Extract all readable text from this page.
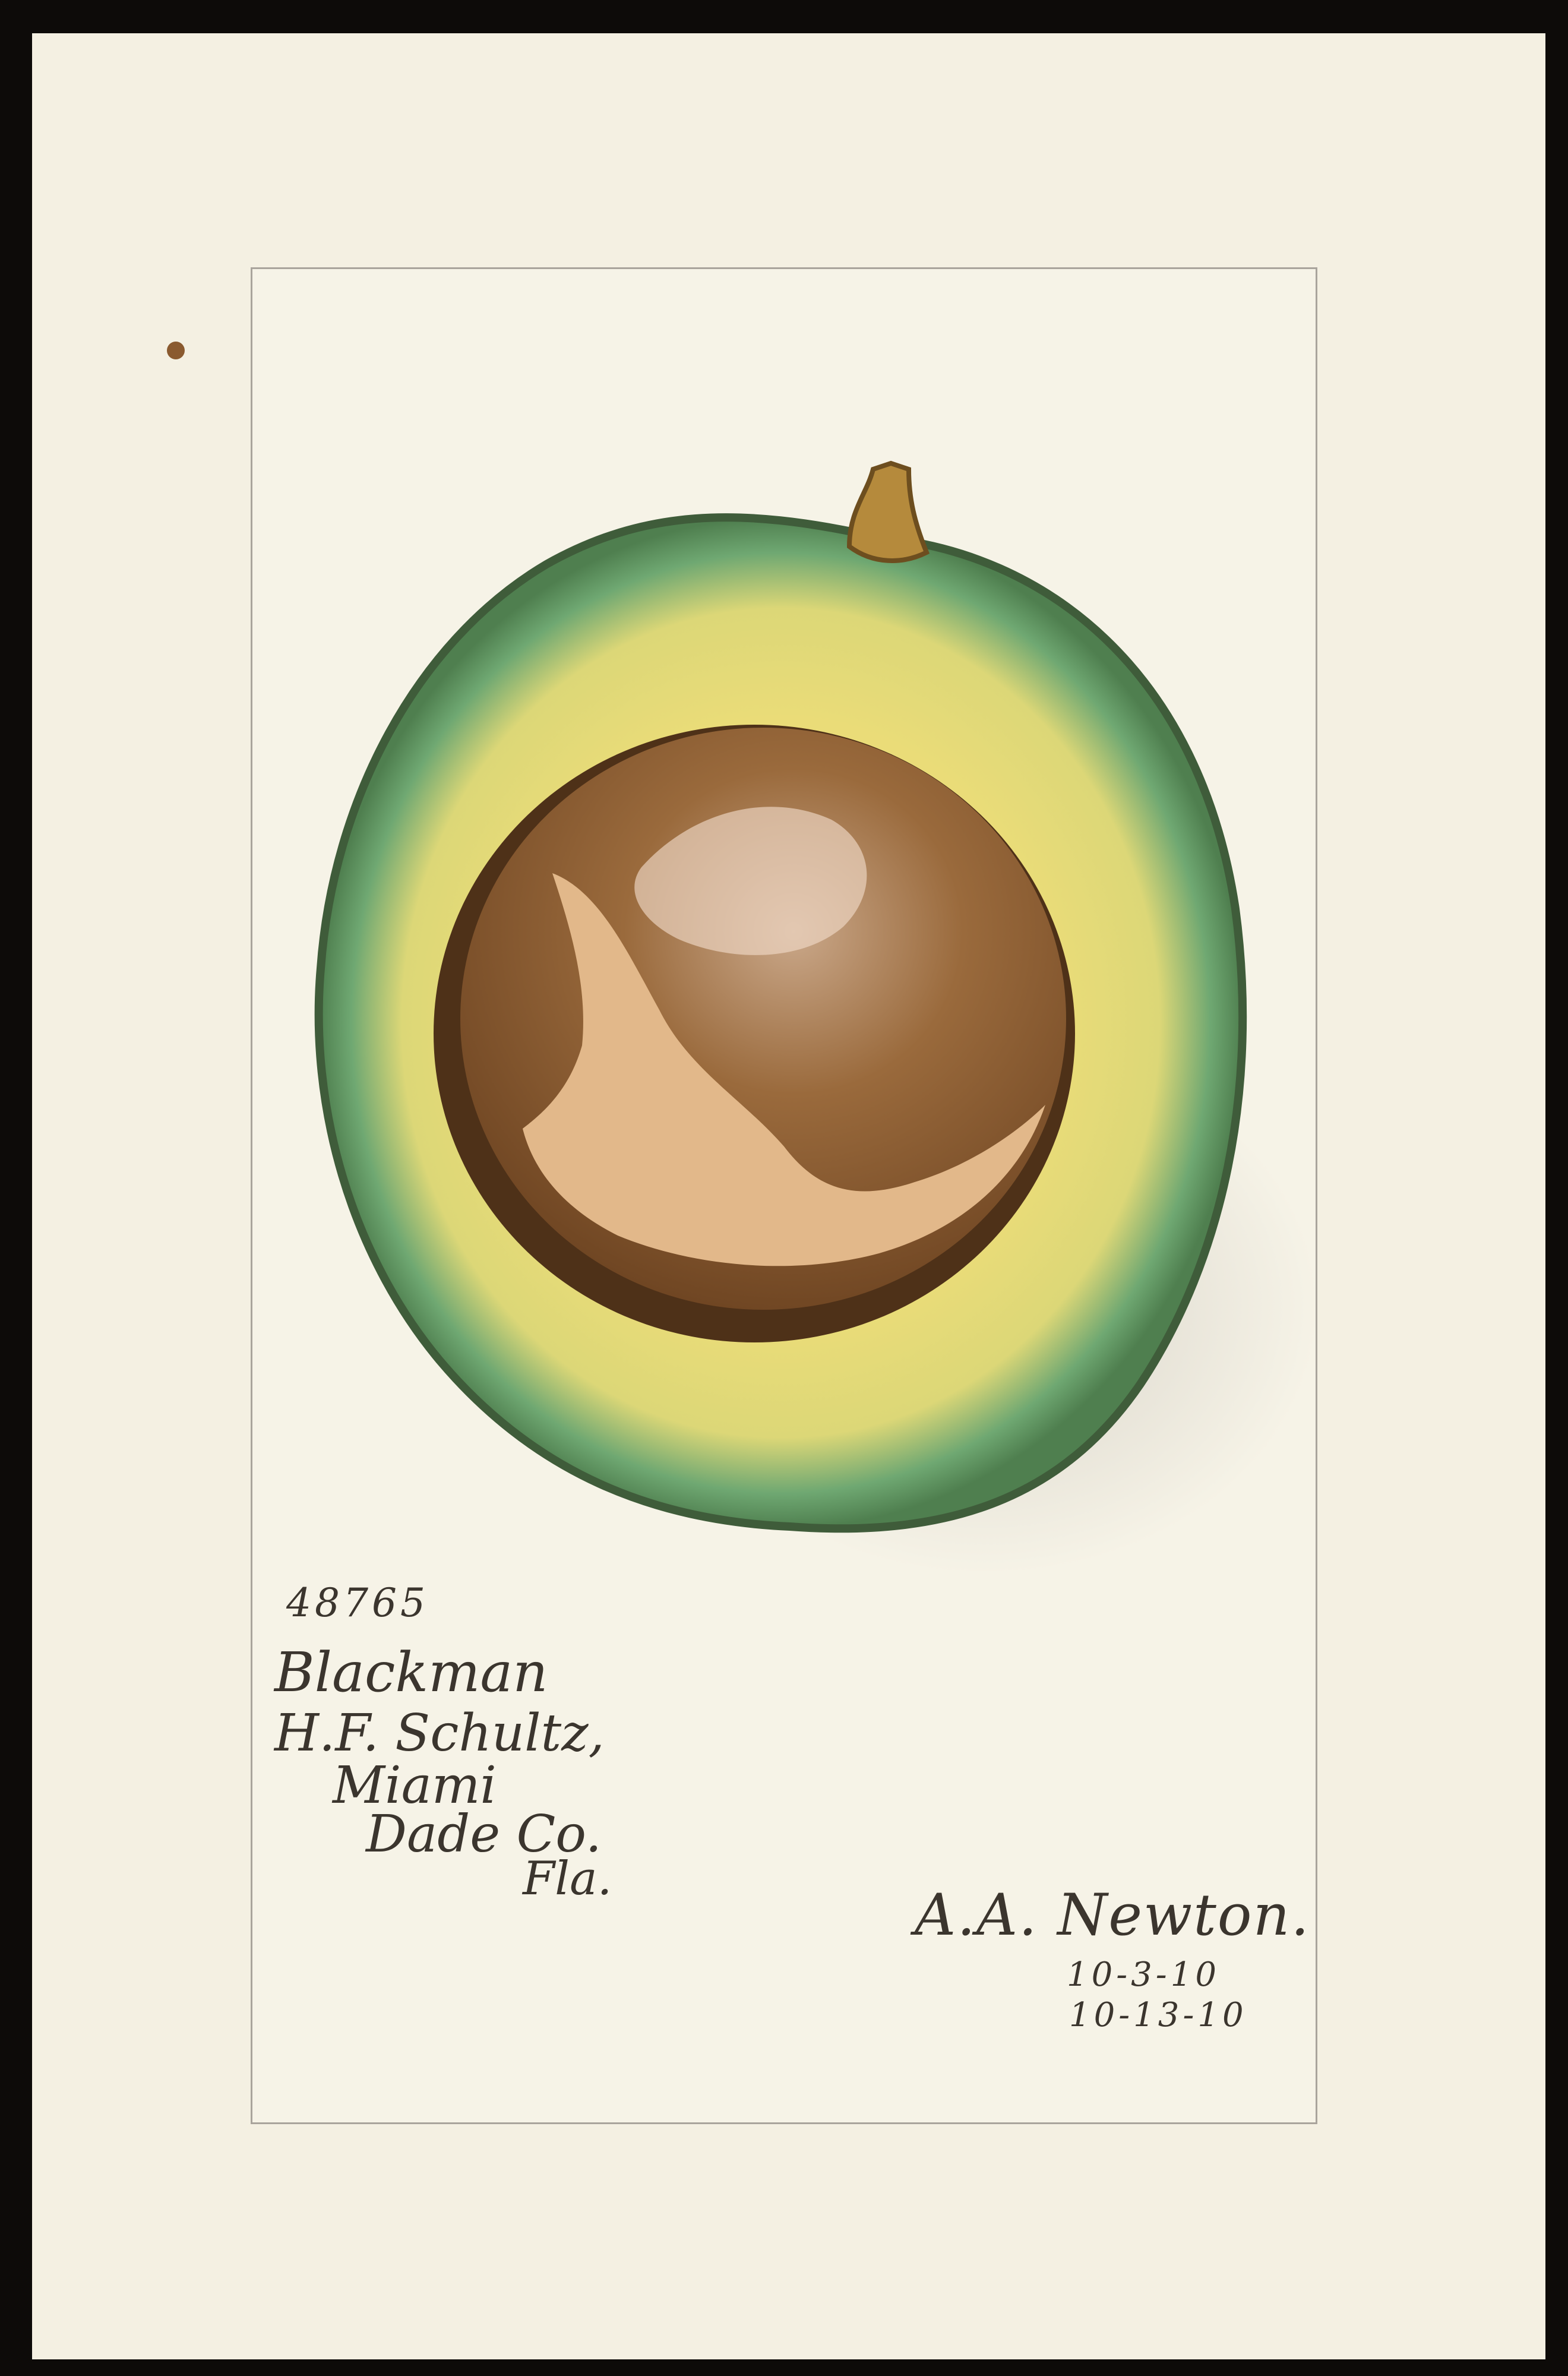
48765
Blackman
H.F. Schultz,
Miami
Dade Co.
Fla.
A.A. Newton.
10-3-10
10-13-10
